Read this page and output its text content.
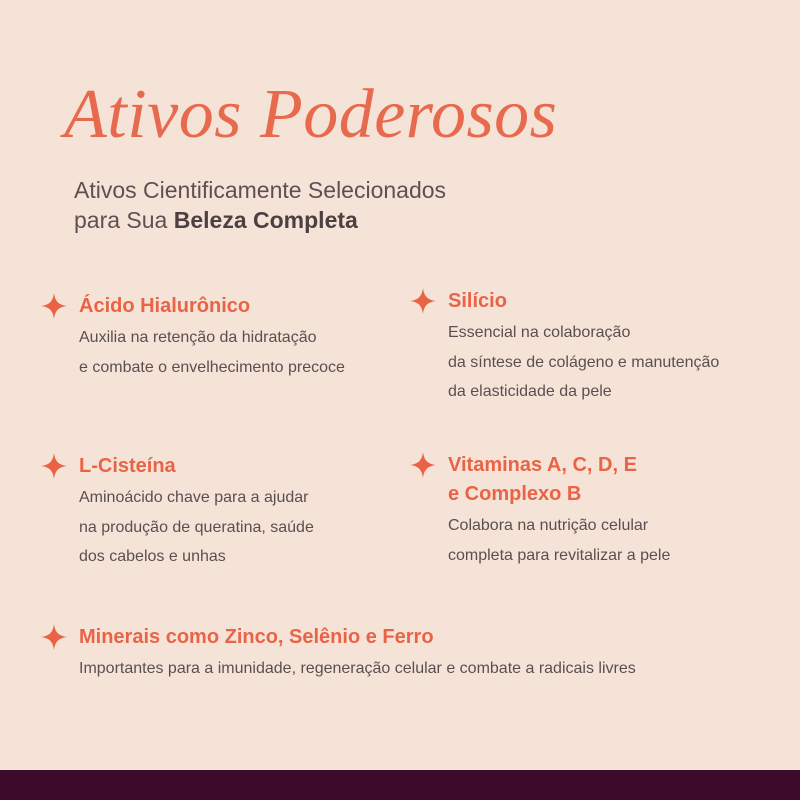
Ativos Poderosos
Ativos Cientificamente Selecionados
para Sua Beleza Completa
Ácido Hialurônico

Auxilia na retenção da hidratação
e combate o envelhecimento precoce

Silício

Essencial na colaboração
da síntese de colágeno e manutenção
da elasticidade da pele

L-Cisteína

Aminoácido chave para a ajudar
na produção de queratina, saúde
dos cabelos e unhas

Vitaminas A, C, D, E
e Complexo B

Colabora na nutrição celular
completa para revitalizar a pele

Minerais como Zinco, Selênio e Ferro

Importantes para a imunidade, regeneração celular e combate a radicais livres
